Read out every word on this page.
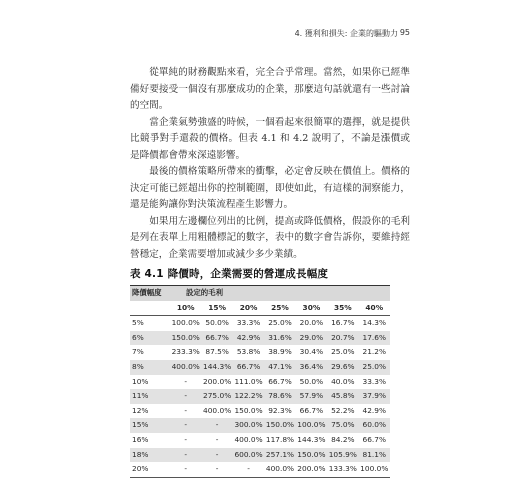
4. 獲利和損失: 企業的驅動力 95

從單純的財務觀點來看，完全合乎常理。當然，如果你已經準備好要接受一個沒有那麼成功的企業，那麼這句話就還有一些討論的空間。

當企業氣勢強盛的時候，一個看起來很簡單的選擇，就是提供比競爭對手還殺的價格。但表 4.1 和 4.2 說明了，不論是漲價或是降價都會帶來深遠影響。

最後的價格策略所帶來的衝擊，必定會反映在價值上。價格的決定可能已經超出你的控制範圍，即使如此，有這樣的洞察能力，還是能夠讓你對決策流程產生影響力。

如果用左邊欄位列出的比例，提高或降低價格，假設你的毛利是列在表單上用粗體標記的數字，表中的數字會告訴你，要維持經營穩定，企業需要增加或減少多少業績。

表 4.1 降價時，企業需要的營運成長幅度
降價幅度	設定的毛利						
	10%	15%	20%	25%	30%	35%	40%
5%	100.0%	50.0%	33.3%	25.0%	20.0%	16.7%	14.3%
6%	150.0%	66.7%	42.9%	31.6%	29.0%	20.7%	17.6%
7%	233.3%	87.5%	53.8%	38.9%	30.4%	25.0%	21.2%
8%	400.0%	144.3%	66.7%	47.1%	36.4%	29.6%	25.0%
10%	-	200.0%	111.0%	66.7%	50.0%	40.0%	33.3%
11%	-	275.0%	122.2%	78.6%	57.9%	45.8%	37.9%
12%	-	400.0%	150.0%	92.3%	66.7%	52.2%	42.9%
15%	-	-	300.0%	150.0%	100.0%	75.0%	60.0%
16%	-	-	400.0%	117.8%	144.3%	84.2%	66.7%
18%	-	-	600.0%	257.1%	150.0%	105.9%	81.1%
20%	-	-	-	400.0%	200.0%	133.3%	100.0%
